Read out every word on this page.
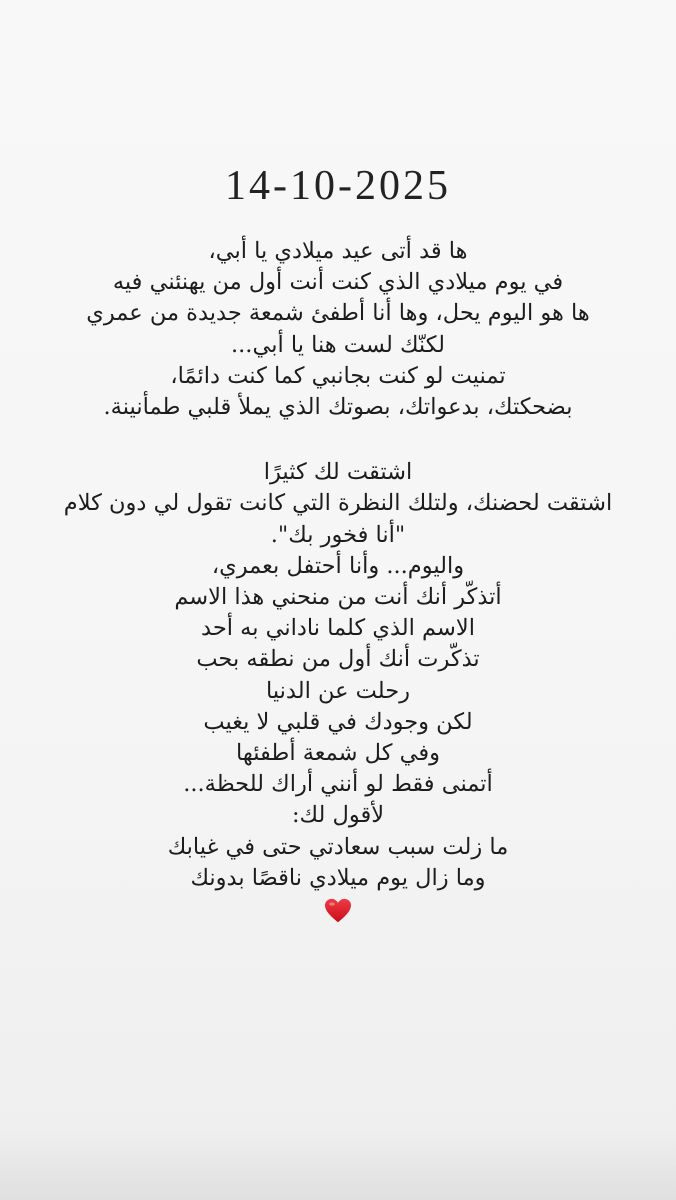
14-10-2025
ها قد أتى عيد ميلادي يا أبي،
في يوم ميلادي الذي كنت أنت أول من يهنئني فيه
ها هو اليوم يحل، وها أنا أطفئ شمعة جديدة من عمري
لكنّك لست هنا يا أبي...
تمنيت لو كنت بجانبي كما كنت دائمًا،
بضحكتك، بدعواتك، بصوتك الذي يملأ قلبي طمأنينة.
اشتقت لك كثيرًا
اشتقت لحضنك، ولتلك النظرة التي كانت تقول لي دون كلام
"أنا فخور بك".
واليوم... وأنا أحتفل بعمري،
أتذكّر أنك أنت من منحني هذا الاسم
الاسم الذي كلما ناداني به أحد
تذكّرت أنك أول من نطقه بحب
رحلت عن الدنيا
لكن وجودك في قلبي لا يغيب
وفي كل شمعة أطفئها
أتمنى فقط لو أنني أراك للحظة...
لأقول لك:
ما زلت سبب سعادتي حتى في غيابك
وما زال يوم ميلادي ناقصًا بدونك
